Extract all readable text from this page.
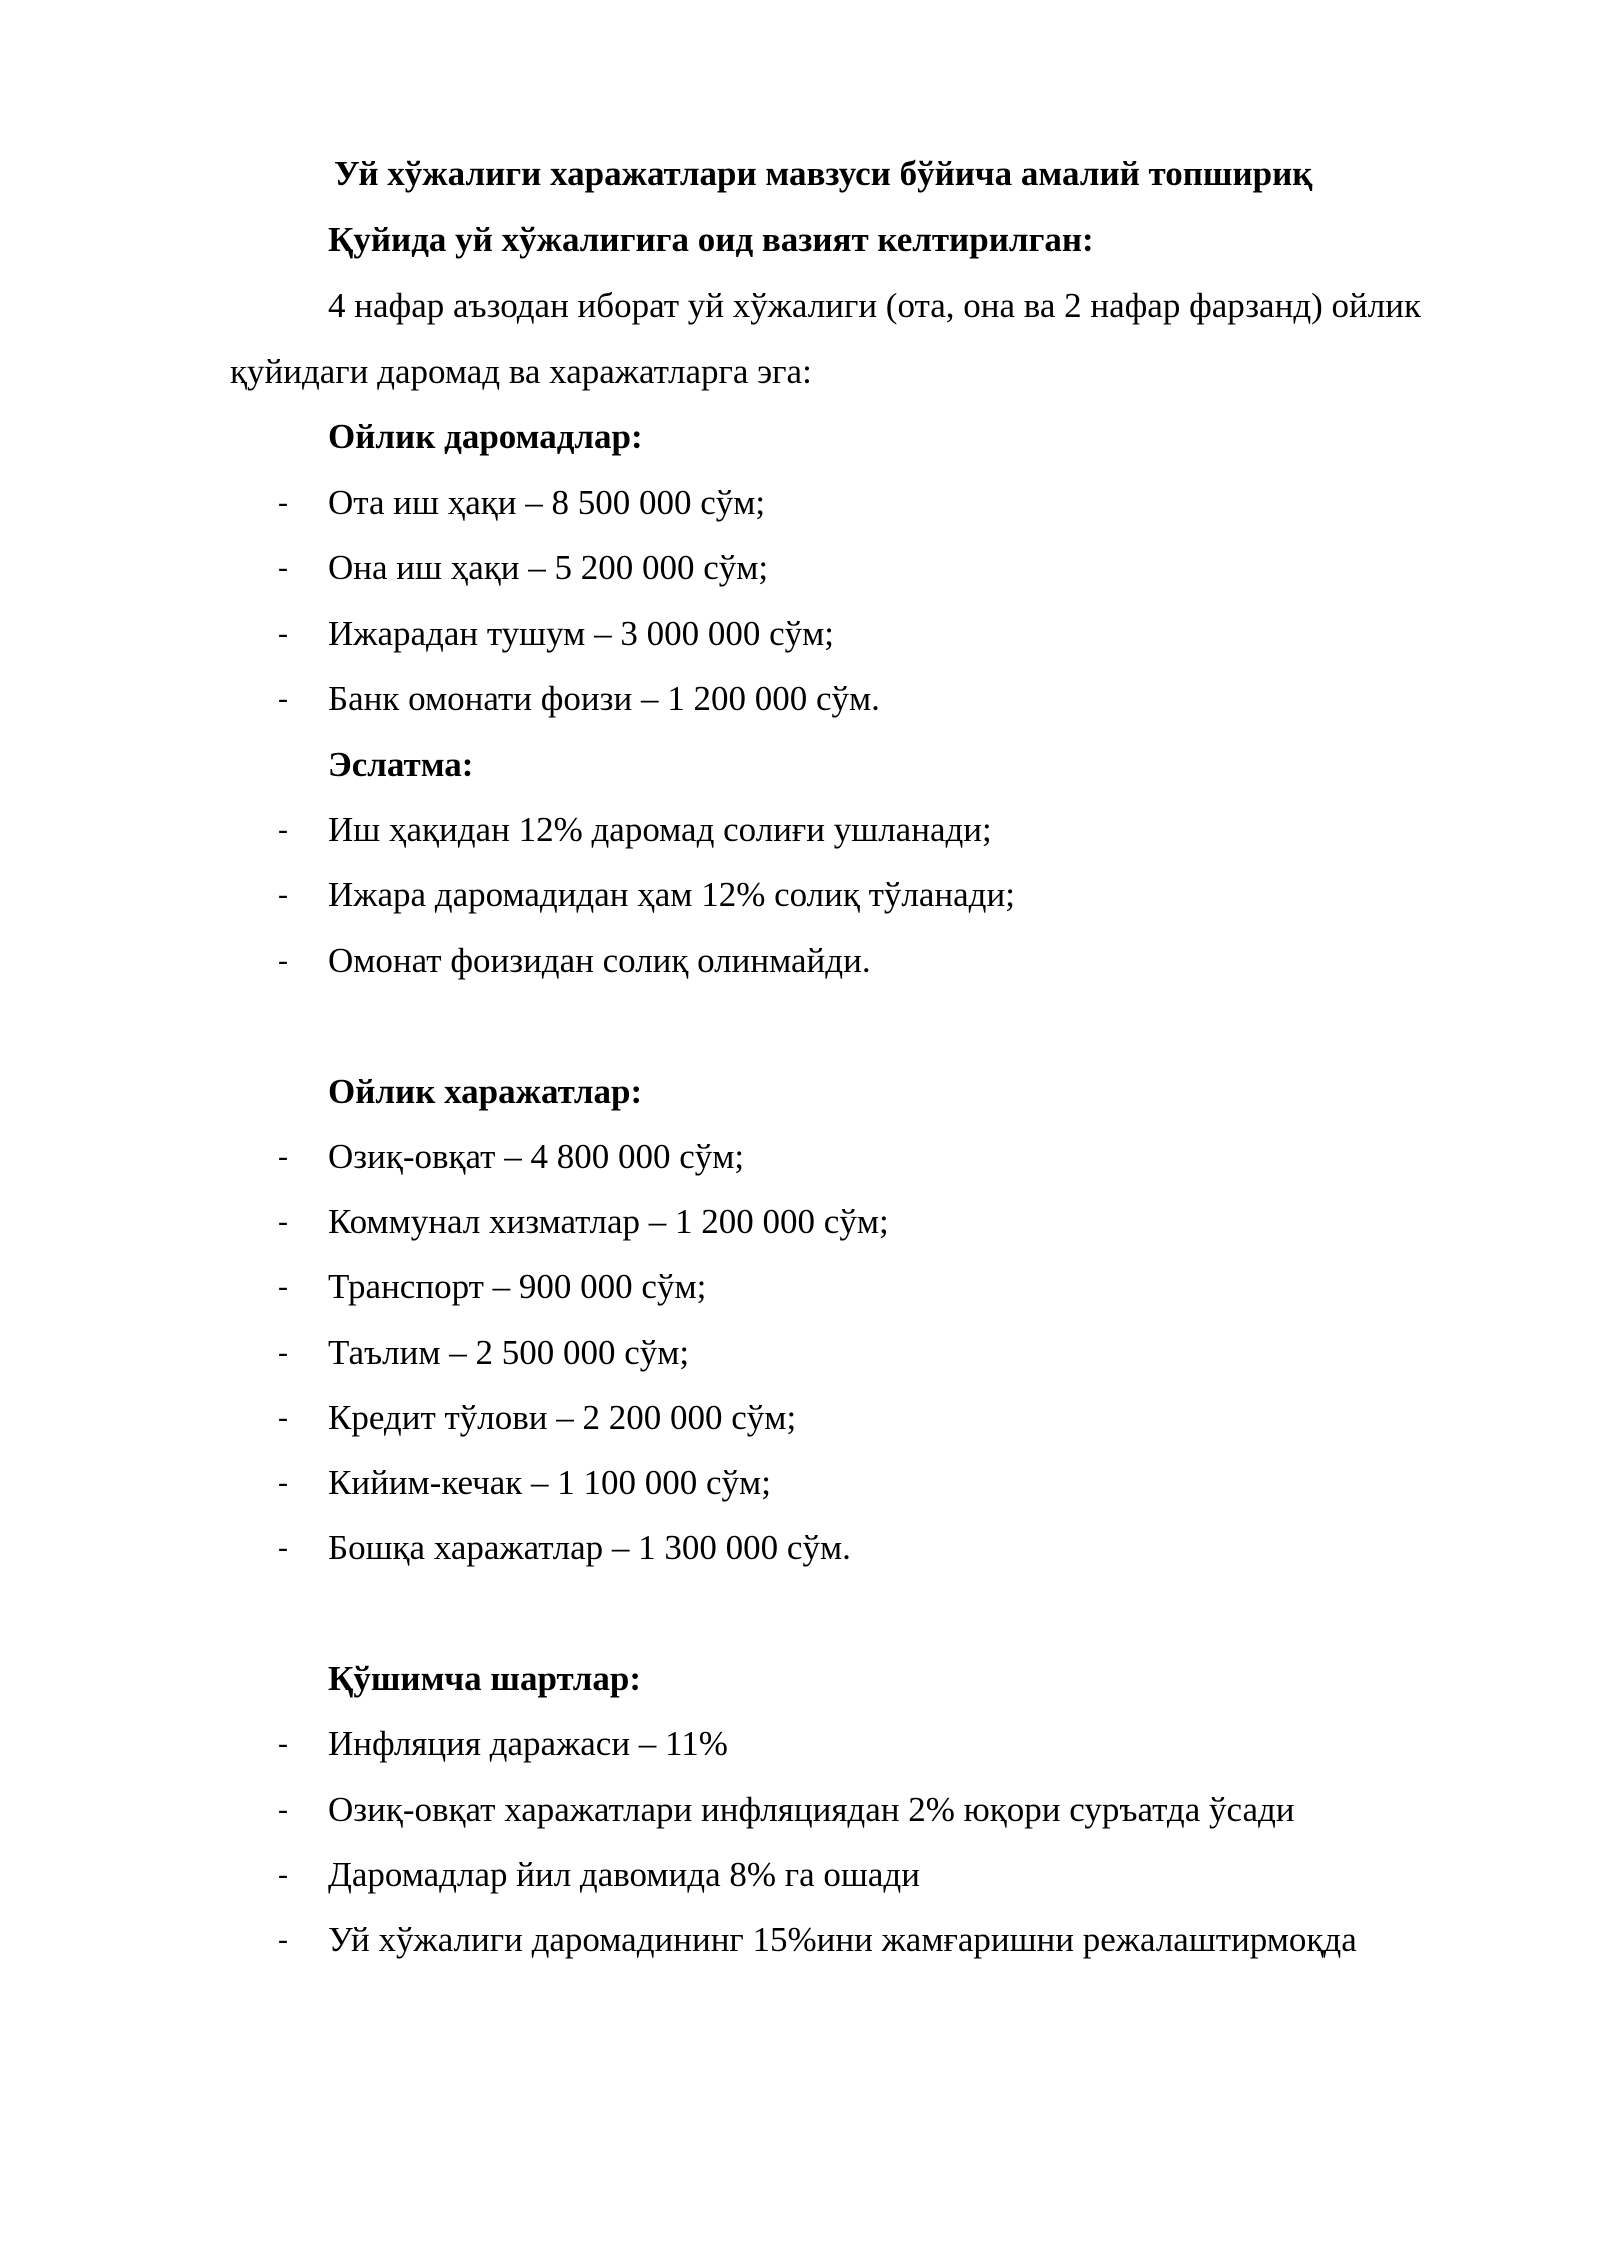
Уй хўжалиги харажатлари мавзуси бўйича амалий топшириқ
Қуйида уй хўжалигига оид вазият келтирилган:
4 нафар аъзодан иборат уй хўжалиги (ота, она ва 2 нафар фарзанд) ойлик
қуйидаги даромад ва харажатларга эга:
Ойлик даромадлар:
- Ота иш ҳақи – 8 500 000 сўм;
- Она иш ҳақи – 5 200 000 сўм;
- Ижарадан тушум – 3 000 000 сўм;
- Банк омонати фоизи – 1 200 000 сўм.
Эслатма:
- Иш ҳақидан 12% даромад солиғи ушланади;
- Ижара даромадидан ҳам 12% солиқ тўланади;
- Омонат фоизидан солиқ олинмайди.
Ойлик харажатлар:
- Озиқ-овқат – 4 800 000 сўм;
- Коммунал хизматлар – 1 200 000 сўм;
- Транспорт – 900 000 сўм;
- Таълим – 2 500 000 сўм;
- Кредит тўлови – 2 200 000 сўм;
- Кийим-кечак – 1 100 000 сўм;
- Бошқа харажатлар – 1 300 000 сўм.
Қўшимча шартлар:
- Инфляция даражаси – 11%
- Озиқ-овқат харажатлари инфляциядан 2% юқори суръатда ўсади
- Даромадлар йил давомида 8% га ошади
- Уй хўжалиги даромадининг 15%ини жамғаришни режалаштирмоқда
